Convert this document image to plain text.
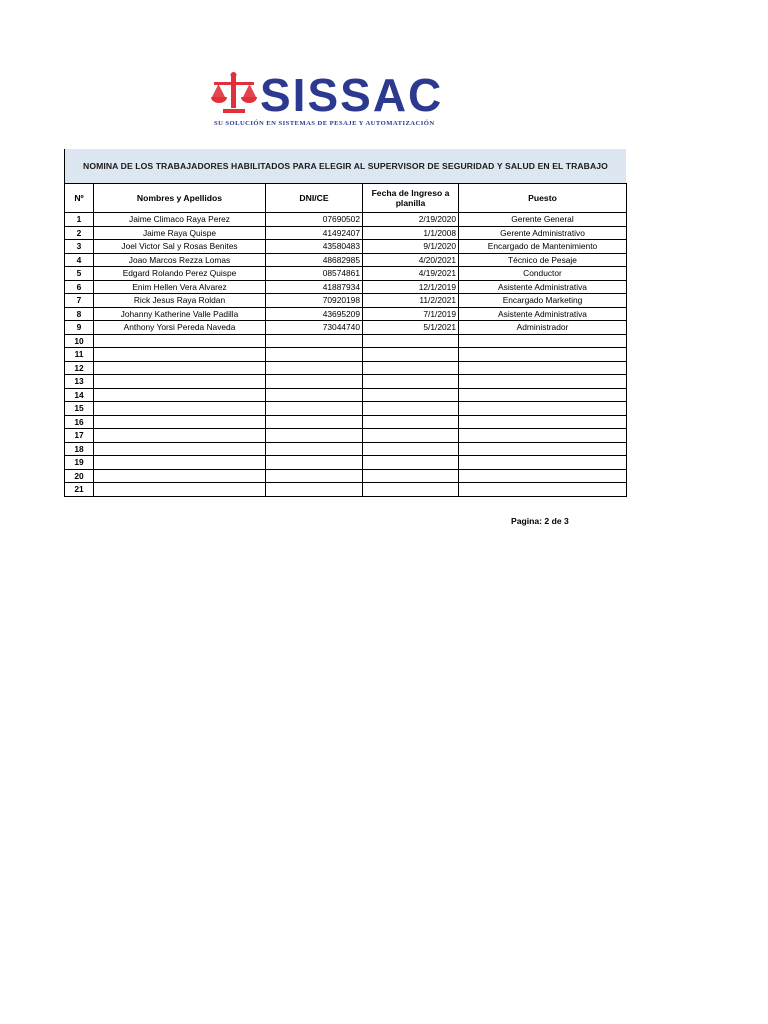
SISSAC
SU SOLUCIÓN EN SISTEMAS DE PESAJE Y AUTOMATIZACIÓN
NOMINA DE LOS TRABAJADORES HABILITADOS PARA ELEGIR AL SUPERVISOR DE SEGURIDAD Y SALUD EN EL TRABAJO
Nº	Nombres y Apellidos	DNI/CE	Fecha de Ingreso a planilla	Puesto
1	Jaime Climaco Raya Perez	07690502	2/19/2020	Gerente General
2	Jaime Raya Quispe	41492407	1/1/2008	Gerente Administrativo
3	Joel Victor Sal y Rosas Benites	43580483	9/1/2020	Encargado de Mantenimiento
4	Joao Marcos Rezza Lomas	48682985	4/20/2021	Técnico de Pesaje
5	Edgard Rolando Perez Quispe	08574861	4/19/2021	Conductor
6	Enim Hellen Vera Alvarez	41887934	12/1/2019	Asistente Administrativa
7	Rick Jesus Raya Roldan	70920198	11/2/2021	Encargado Marketing
8	Johanny Katherine Valle Padilla	43695209	7/1/2019	Asistente Administrativa
9	Anthony Yorsi Pereda Naveda	73044740	5/1/2021	Administrador
10				
11				
12				
13				
14				
15				
16				
17				
18				
19				
20				
21				
Pagina: 2 de 3
